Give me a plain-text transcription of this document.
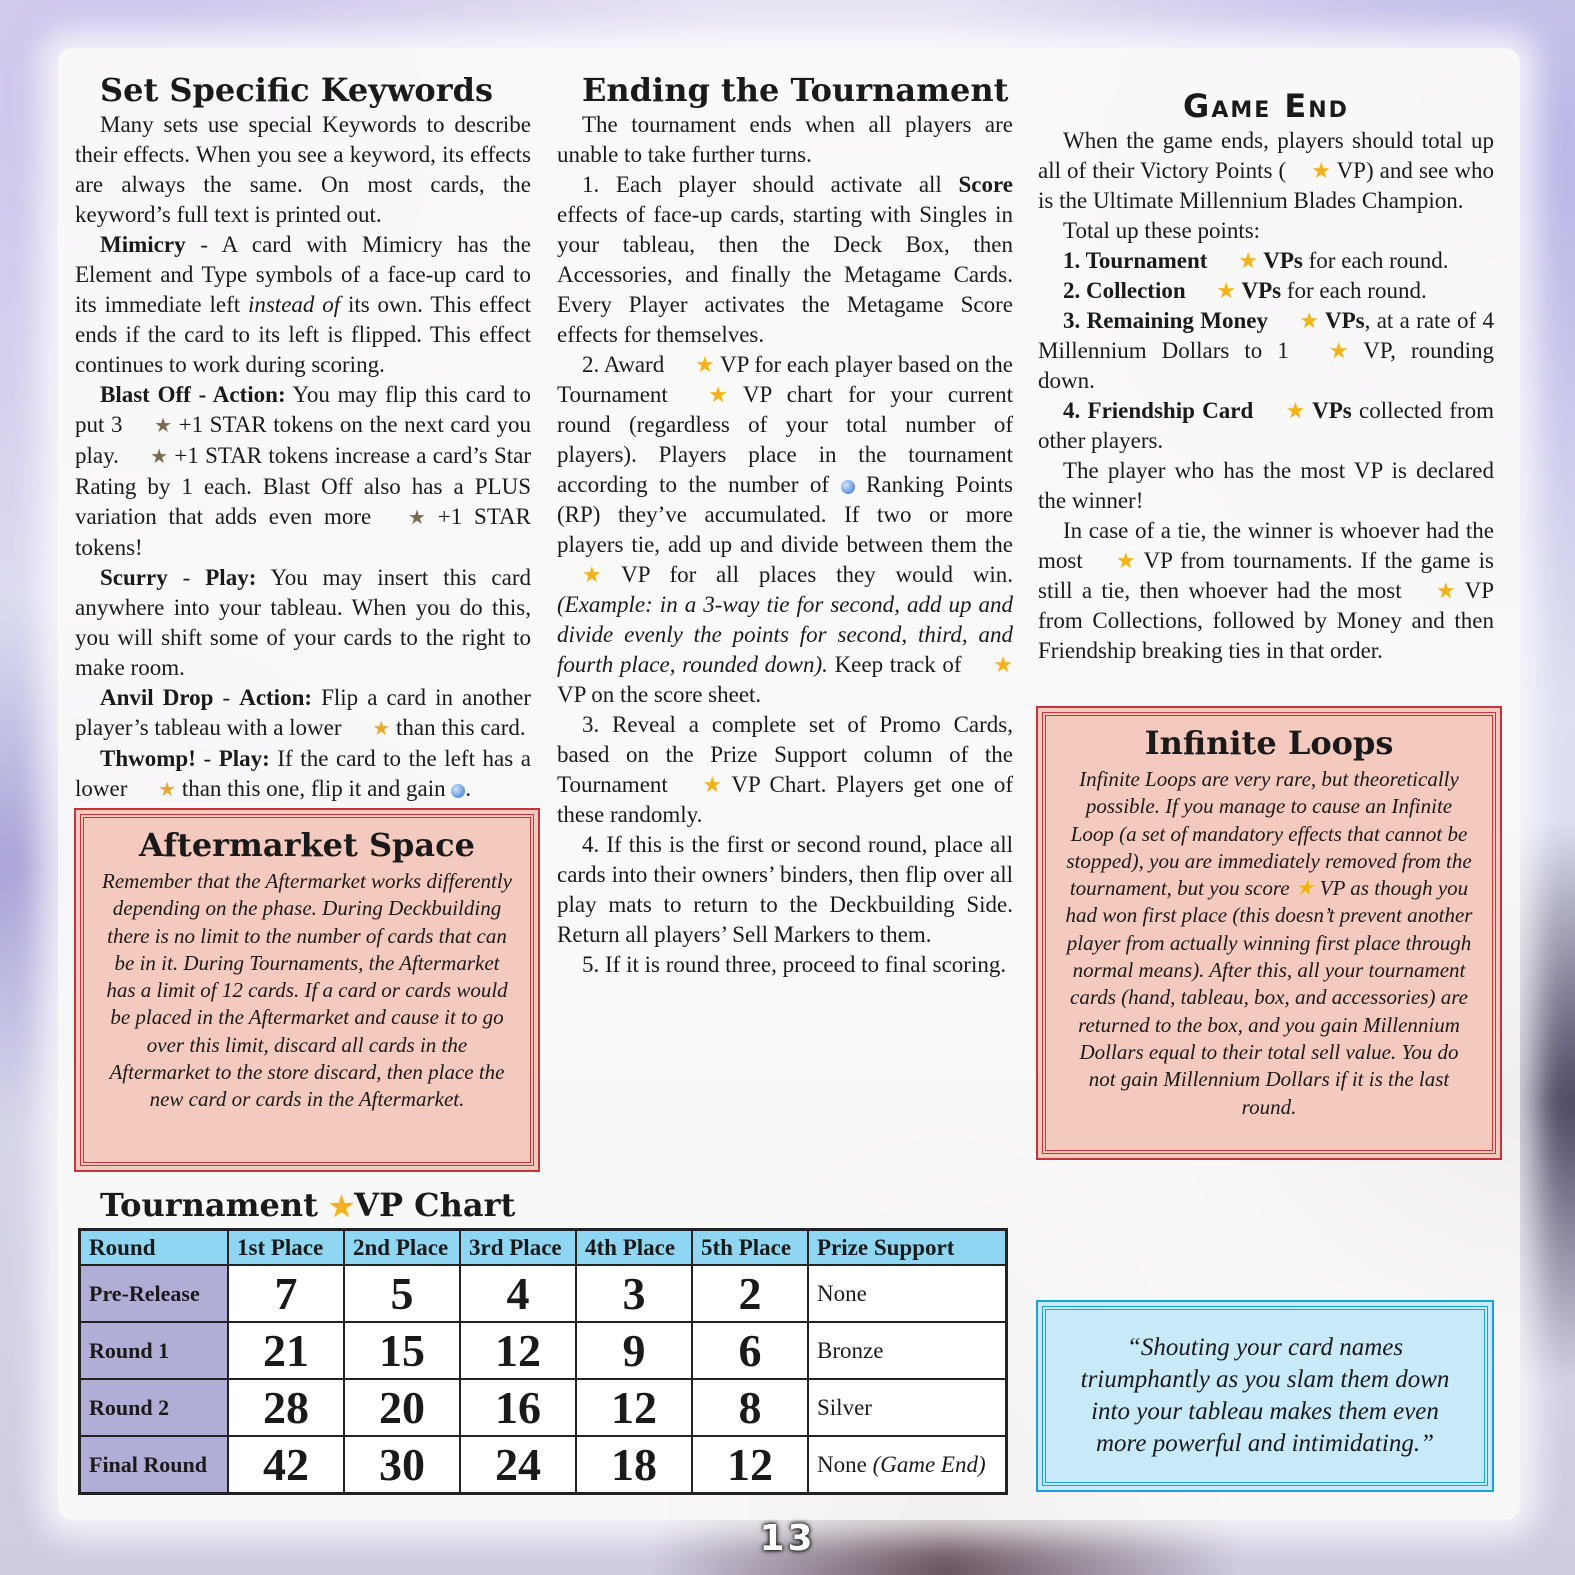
Set Specific Keywords

Many sets use special Keywords to describe their effects. When you see a keyword, its effects are always the same. On most cards, the keyword’s full text is printed out.

Mimicry - A card with Mimicry has the Element and Type symbols of a face-up card to its immediate left instead of its own. This effect ends if the card to its left is flipped. This effect continues to work during scoring.

Blast Off - Action: You may flip this card to put 3 ★ +1 STAR tokens on the next card you play. ★ +1 STAR tokens increase a card’s Star Rating by 1 each. Blast Off also has a PLUS variation that adds even more ★ +1 STAR tokens!

Scurry - Play: You may insert this card anywhere into your tableau. When you do this, you will shift some of your cards to the right to make room.

Anvil Drop - Action: Flip a card in another player’s tableau with a lower ★ than this card.

Thwomp! - Play: If the card to the left has a lower ★ than this one, flip it and gain .

Aftermarket Space
Remember that the Aftermarket works differently depending on the phase. During Deckbuilding there is no limit to the number of cards that can be in it. During Tournaments, the Aftermarket has a limit of 12 cards. If a card or cards would be placed in the Aftermarket and cause it to go over this limit, discard all cards in the Aftermarket to the store discard, then place the new card or cards in the Aftermarket.
Ending the Tournament

The tournament ends when all players are unable to take further turns.

1. Each player should activate all Score effects of face-up cards, starting with Singles in your tableau, then the Deck Box, then Accessories, and finally the Metagame Cards. Every Player activates the Metagame Score effects for themselves.

2. Award ★ VP for each player based on the Tournament ★ VP chart for your current round (regardless of your total number of players). Players place in the tournament according to the number of  Ranking Points (RP) they’ve accumulated. If two or more players tie, add up and divide between them the ★ VP for all places they would win. (Example: in a 3-way tie for second, add up and divide evenly the points for second, third, and fourth place, rounded down). Keep track of ★ VP on the score sheet.

3. Reveal a complete set of Promo Cards, based on the Prize Support column of the Tournament ★ VP Chart. Players get one of these randomly.

4. If this is the first or second round, place all cards into their owners’ binders, then flip over all play mats to return to the Deckbuilding Side. Return all players’ Sell Markers to them.

5. If it is round three, proceed to final scoring.

Game End

When the game ends, players should total up all of their Victory Points ( ★ VP) and see who is the Ultimate Millennium Blades Champion.

Total up these points:

1. Tournament ★ VPs for each round.

2. Collection ★ VPs for each round.

3. Remaining Money ★ VPs, at a rate of 4 Millennium Dollars to 1 ★ VP, rounding down.

4. Friendship Card ★ VPs collected from other players.

The player who has the most VP is declared the winner!

In case of a tie, the winner is whoever had the most ★ VP from tournaments. If the game is still a tie, then whoever had the most ★ VP from Collections, followed by Money and then Friendship breaking ties in that order.

Infinite Loops
Infinite Loops are very rare, but theoretically possible. If you manage to cause an Infinite Loop (a set of mandatory effects that cannot be stopped), you are immediately removed from the tournament, but you score ★ VP as though you had won first place (this doesn’t prevent another player from actually winning first place through normal means). After this, all your tournament cards (hand, tableau, box, and accessories) are returned to the box, and you gain Millennium Dollars equal to their total sell value. You do not gain Millennium Dollars if it is the last round.
“Shouting your card names triumphantly as you slam them down into your tableau makes them even more powerful and intimidating.”
Tournament ★VP Chart
Round	1st Place	2nd Place	3rd Place	4th Place	5th Place	Prize Support
Pre-Release	7	5	4	3	2	None
Round 1	21	15	12	9	6	Bronze
Round 2	28	20	16	12	8	Silver
Final Round	42	30	24	18	12	None (Game End)
13
